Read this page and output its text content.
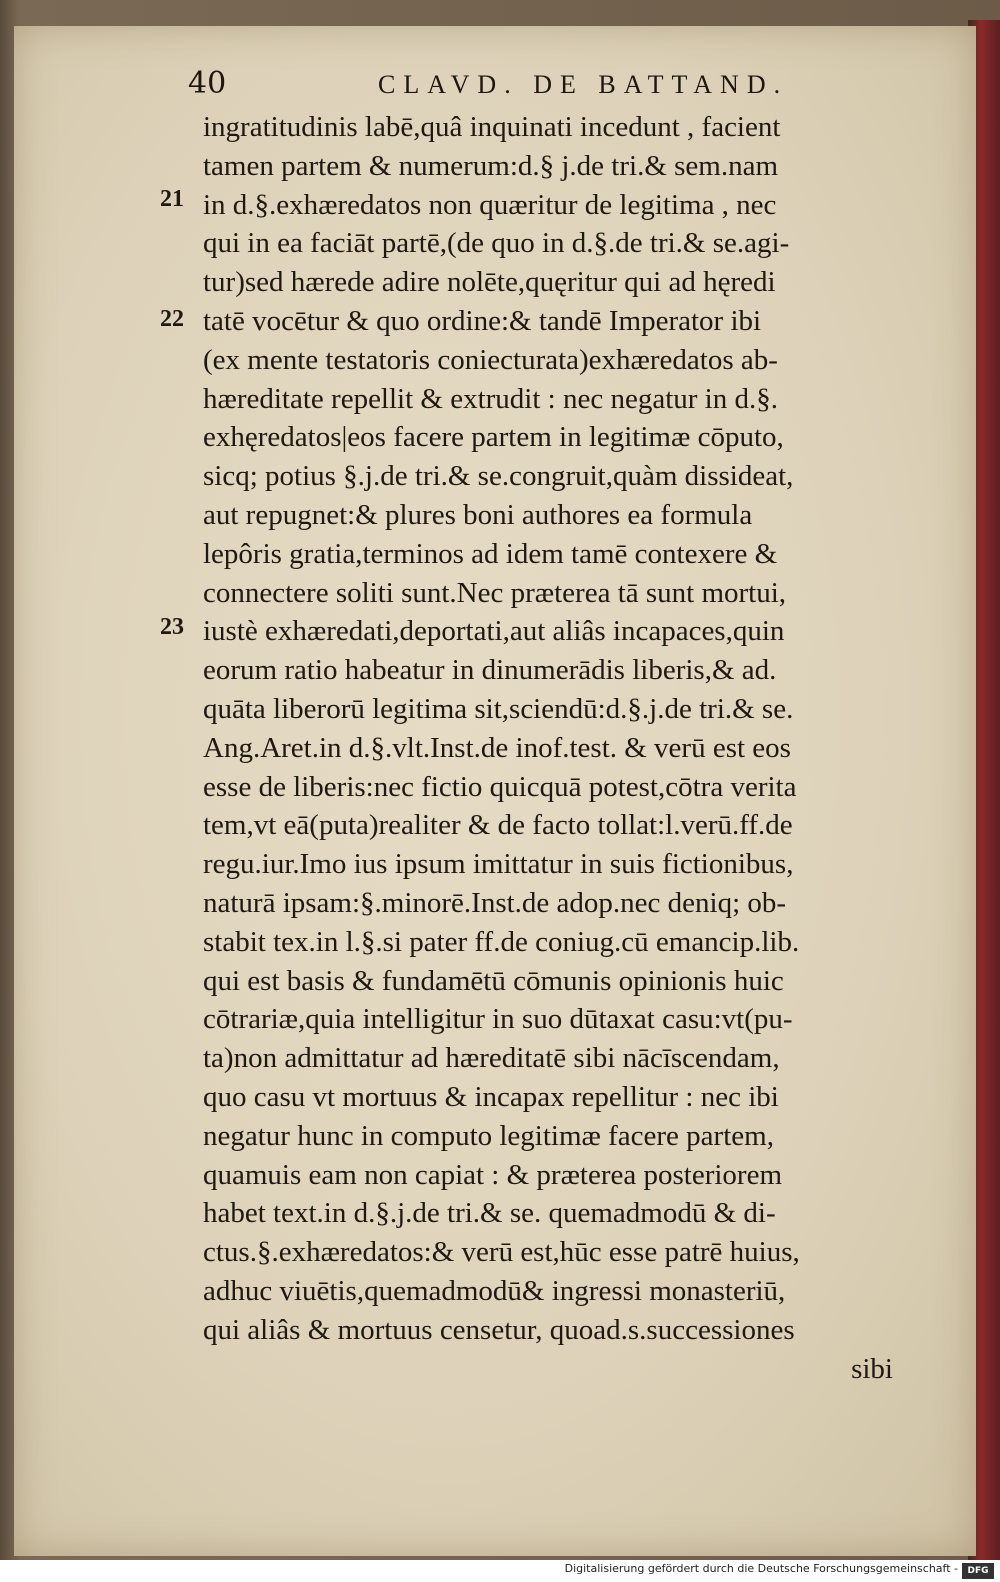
40	CLAVD. DE BATTAND.
21
22
23
ingratitudinis labē,quâ inquinati incedunt , facient
tamen partem & numerum:d.§ j.de tri.& sem.nam
in d.§.exhæredatos non quæritur de legitima , nec
qui in ea faciāt partē,(de quo in d.§.de tri.& se.agi-
tur)sed hærede adire nolēte,quęritur qui ad hęredi
tatē vocētur & quo ordine:& tandē Imperator ibi
(ex mente testatoris coniecturata)exhæredatos ab-
hæreditate repellit & extrudit : nec negatur in d.§.
exhęredatos|eos facere partem in legitimæ cōputo,
sicq; potius §.j.de tri.& se.congruit,quàm dissideat,
aut repugnet:& plures boni authores ea formula
lepôris gratia,terminos ad idem tamē contexere &
connectere soliti sunt.Nec præterea tā sunt mortui,
iustè exhæredati,deportati,aut aliâs incapaces,quin
eorum ratio habeatur in dinumerādis liberis,& ad.
quāta liberorū legitima sit,sciendū:d.§.j.de tri.& se.
Ang.Aret.in d.§.vlt.Inst.de inof.test. & verū est eos
esse de liberis:nec fictio quicquā potest,cōtra verita
tem,vt eā(puta)realiter & de facto tollat:l.verū.ff.de
regu.iur.Imo ius ipsum imittatur in suis fictionibus,
naturā ipsam:§.minorē.Inst.de adop.nec deniq; ob-
stabit tex.in l.§.si pater ff.de coniug.cū emancip.lib.
qui est basis & fundamētū cōmunis opinionis huic
cōtrariæ,quia intelligitur in suo dūtaxat casu:vt(pu-
ta)non admittatur ad hæreditatē sibi nācīscendam,
quo casu vt mortuus & incapax repellitur : nec ibi
negatur hunc in computo legitimæ facere partem,
quamuis eam non capiat : & præterea posteriorem
habet text.in d.§.j.de tri.& se. quemadmodū & di-
ctus.§.exhæredatos:& verū est,hūc esse patrē huius,
adhuc viuētis,quemadmodū& ingressi monasteriū,
qui aliâs & mortuus censetur, quoad.s.successiones
sibi
Digitalisierung gefördert durch die Deutsche Forschungsgemeinschaft -	DFG
